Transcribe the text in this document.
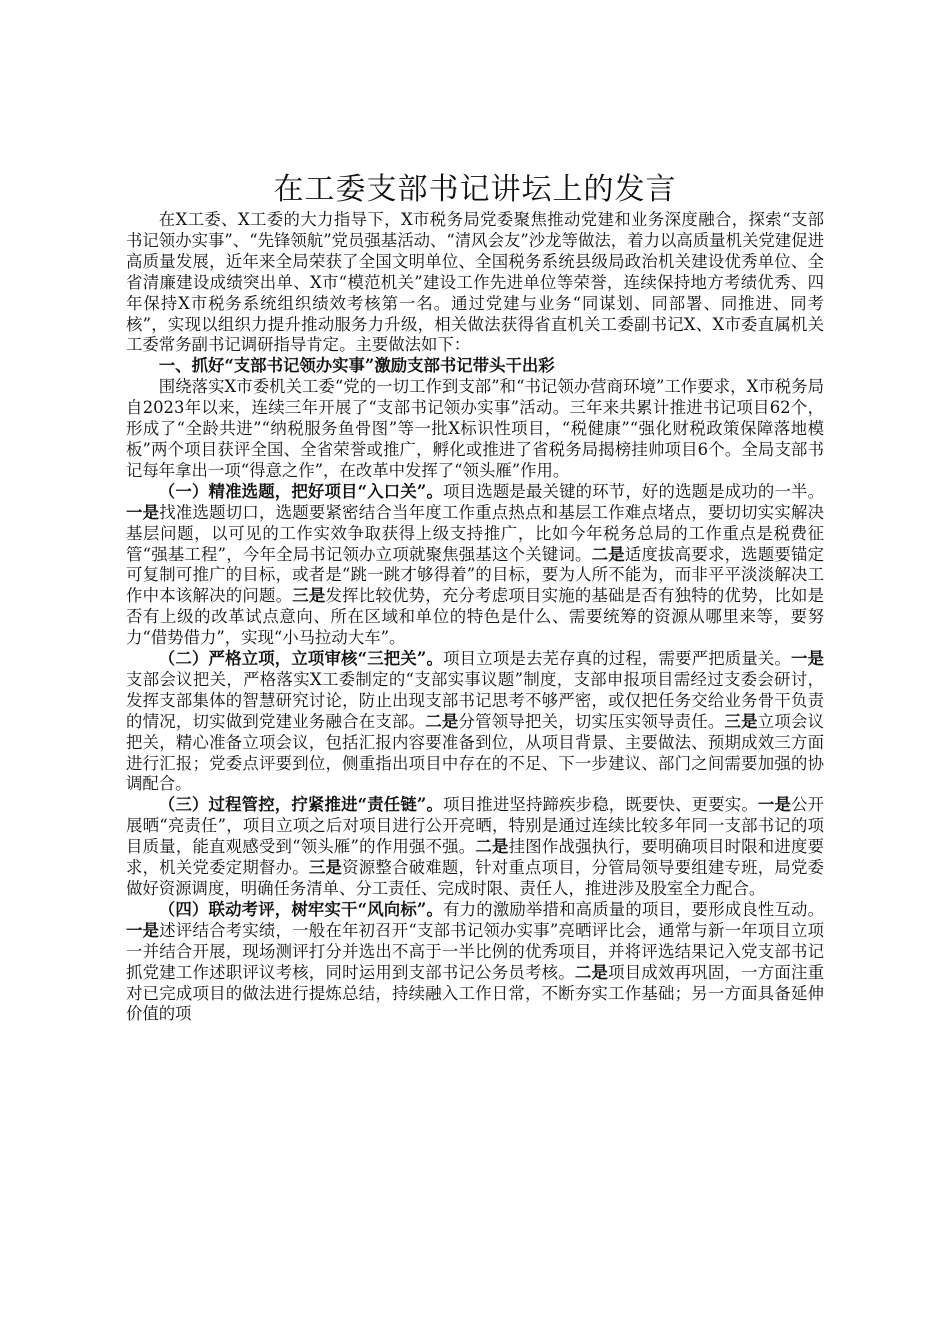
在工委支部书记讲坛上的发言

在X工委、X工委的大力指导下，X市税务局党委聚焦推动党建和业务深度融合，探索“支部书记领办实事”、“先锋领航”党员强基活动、“清风会友”沙龙等做法，着力以高质量机关党建促进高质量发展，近年来全局荣获了全国文明单位、全国税务系统县级局政治机关建设优秀单位、全省清廉建设成绩突出单、X市“模范机关”建设工作先进单位等荣誉，连续保持地方考绩优秀、四年保持X市税务系统组织绩效考核第一名。通过党建与业务“同谋划、同部署、同推进、同考核”，实现以组织力提升推动服务力升级，相关做法获得省直机关工委副书记X、X市委直属机关工委常务副书记调研指导肯定。主要做法如下：

一、抓好“支部书记领办实事”激励支部书记带头干出彩

围绕落实X市委机关工委“党的一切工作到支部”和“书记领办营商环境”工作要求，X市税务局自2023年以来，连续三年开展了“支部书记领办实事”活动。三年来共累计推进书记项目62个，形成了“全龄共进”“纳税服务鱼骨图”等一批X标识性项目，“税健康”“强化财税政策保障落地模板”两个项目获评全国、全省荣誉或推广，孵化或推进了省税务局揭榜挂帅项目6个。全局支部书记每年拿出一项“得意之作”，在改革中发挥了“领头雁”作用。

（一）精准选题，把好项目“入口关”。项目选题是最关键的环节，好的选题是成功的一半。一是找准选题切口，选题要紧密结合当年度工作重点热点和基层工作难点堵点，要切切实实解决基层问题，以可见的工作实效争取获得上级支持推广，比如今年税务总局的工作重点是税费征管“强基工程”，今年全局书记领办立项就聚焦强基这个关键词。二是适度拔高要求，选题要锚定可复制可推广的目标，或者是“跳一跳才够得着”的目标，要为人所不能为，而非平平淡淡解决工作中本该解决的问题。三是发挥比较优势，充分考虑项目实施的基础是否有独特的优势，比如是否有上级的改革试点意向、所在区域和单位的特色是什么、需要统筹的资源从哪里来等，要努力“借势借力”，实现“小马拉动大车”。

（二）严格立项，立项审核“三把关”。项目立项是去芜存真的过程，需要严把质量关。一是支部会议把关，严格落实X工委制定的“支部实事议题”制度，支部申报项目需经过支委会研讨，发挥支部集体的智慧研究讨论，防止出现支部书记思考不够严密，或仅把任务交给业务骨干负责的情况，切实做到党建业务融合在支部。二是分管领导把关，切实压实领导责任。三是立项会议把关，精心准备立项会议，包括汇报内容要准备到位，从项目背景、主要做法、预期成效三方面进行汇报；党委点评要到位，侧重指出项目中存在的不足、下一步建议、部门之间需要加强的协调配合。

（三）过程管控，拧紧推进“责任链”。项目推进坚持蹄疾步稳，既要快、更要实。一是公开展晒“亮责任”，项目立项之后对项目进行公开亮晒，特别是通过连续比较多年同一支部书记的项目质量，能直观感受到“领头雁”的作用强不强。二是挂图作战强执行，要明确项目时限和进度要求，机关党委定期督办。三是资源整合破难题，针对重点项目，分管局领导要组建专班，局党委做好资源调度，明确任务清单、分工责任、完成时限、责任人，推进涉及股室全力配合。

（四）联动考评，树牢实干“风向标”。有力的激励举措和高质量的项目，要形成良性互动。一是述评结合考实绩，一般在年初召开“支部书记领办实事”亮晒评比会，通常与新一年项目立项一并结合开展，现场测评打分并选出不高于一半比例的优秀项目，并将评选结果记入党支部书记抓党建工作述职评议考核，同时运用到支部书记公务员考核。二是项目成效再巩固，一方面注重对已完成项目的做法进行提炼总结，持续融入工作日常，不断夯实工作基础；另一方面具备延伸价值的项
